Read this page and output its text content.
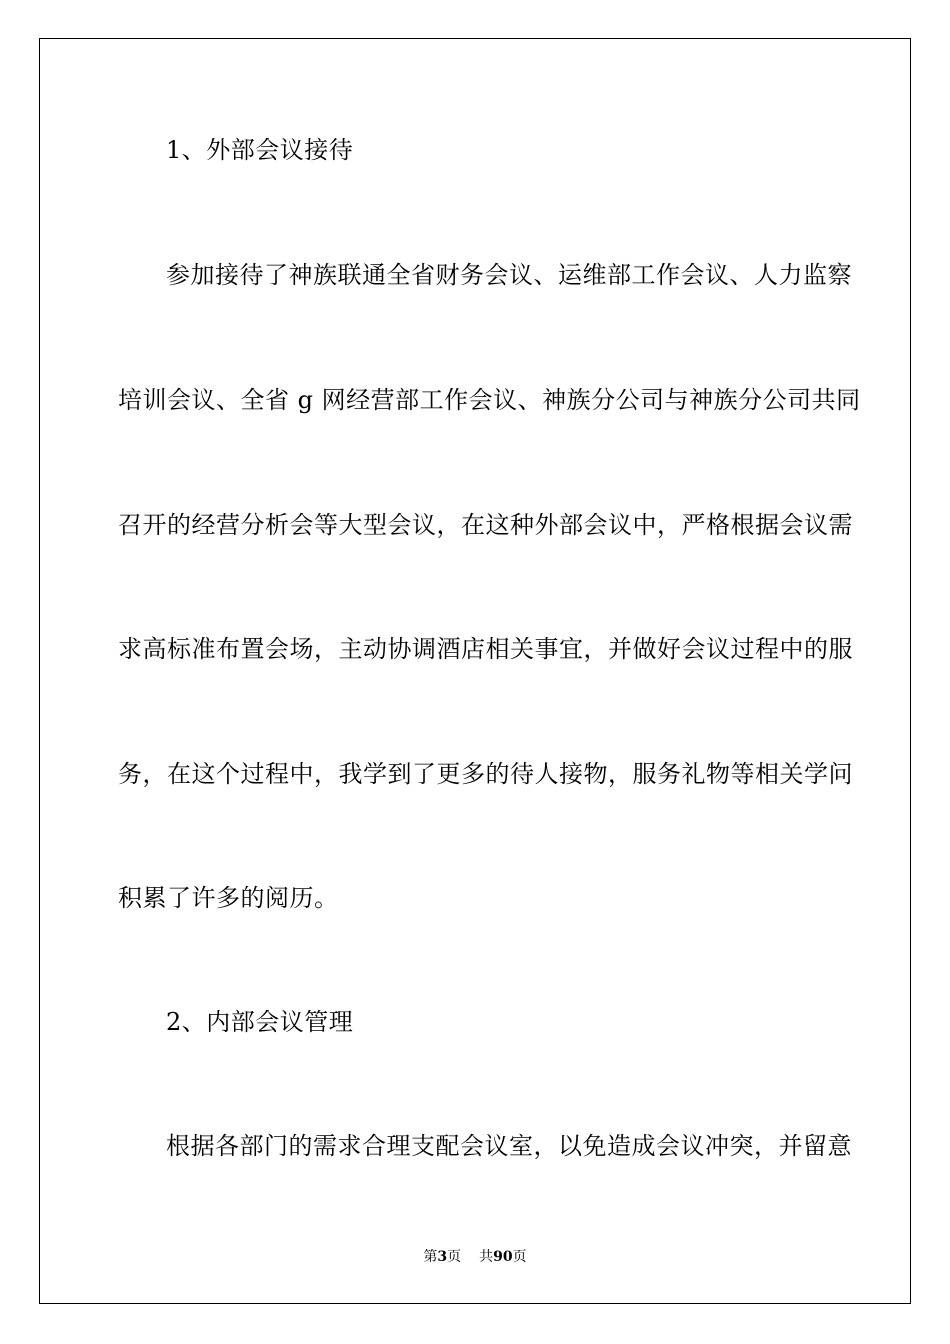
1、外部会议接待
参加接待了神族联通全省财务会议、运维部工作会议、人力监察
培训会议、全省 g 网经营部工作会议、神族分公司与神族分公司共同
召开的经营分析会等大型会议，在这种外部会议中，严格根据会议需
求高标准布置会场，主动协调酒店相关事宜，并做好会议过程中的服
务，在这个过程中，我学到了更多的待人接物，服务礼物等相关学问
积累了许多的阅历。
2、内部会议管理
根据各部门的需求合理支配会议室，以免造成会议冲突，并留意
第3页 共90页
